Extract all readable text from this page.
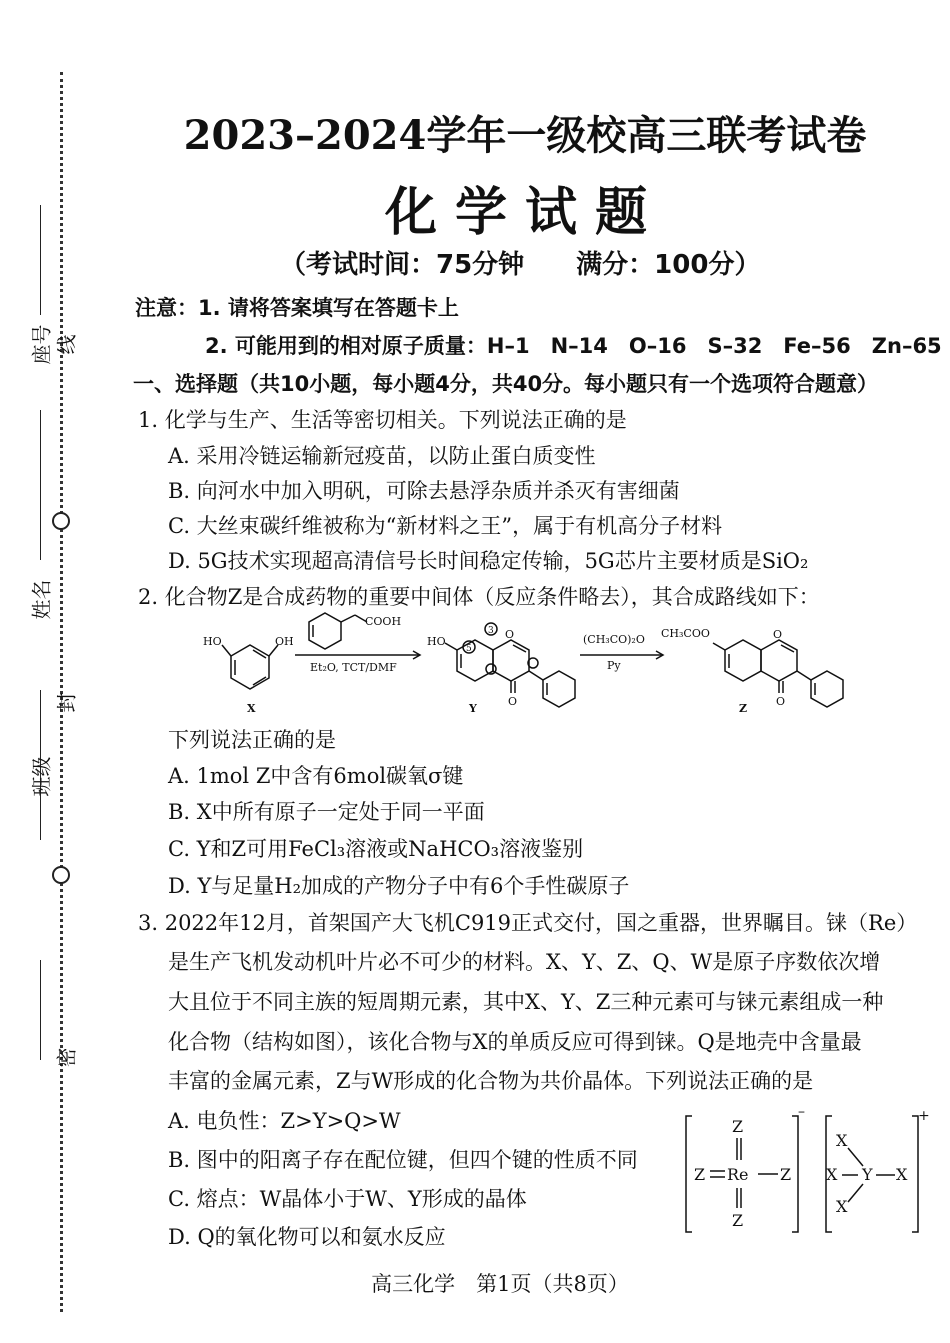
座号 线
姓名
封
班级
密
2023–2024学年一级校高三联考试卷
化学试题
（考试时间：75分钟　　满分：100分）
注意：1. 请将答案填写在答题卡上
2. 可能用到的相对原子质量：H–1　N–14　O–16　S–32　Fe–56　Zn–65
一、选择题（共10小题，每小题4分，共40分。每小题只有一个选项符合题意）
1. 化学与生产、生活等密切相关。下列说法正确的是
A. 采用冷链运输新冠疫苗，以防止蛋白质变性
B. 向河水中加入明矾，可除去悬浮杂质并杀灭有害细菌
C. 大丝束碳纤维被称为“新材料之王”，属于有机高分子材料
D. 5G技术实现超高清信号长时间稳定传输，5G芯片主要材质是SiO₂
2. 化合物Z是合成药物的重要中间体（反应条件略去），其合成路线如下：
HO	OH
COOH
Et₂O, TCT/DMF
HO
O
O
3
5
(CH₃CO)₂O
Py
CH₃COO	O
O
X	Y	Z
下列说法正确的是
A. 1mol Z中含有6mol碳氧σ键
B. X中所有原子一定处于同一平面
C. Y和Z可用FeCl₃溶液或NaHCO₃溶液鉴别
D. Y与足量H₂加成的产物分子中有6个手性碳原子
3. 2022年12月，首架国产大飞机C919正式交付，国之重器，世界瞩目。铼（Re）
是生产飞机发动机叶片必不可少的材料。X、Y、Z、Q、W是原子序数依次增
大且位于不同主族的短周期元素，其中X、Y、Z三种元素可与铼元素组成一种
化合物（结构如图），该化合物与X的单质反应可得到铼。Q是地壳中含量最
丰富的金属元素，Z与W形成的化合物为共价晶体。下列说法正确的是
A. 电负性：Z>Y>Q>W
B. 图中的阳离子存在配位键，但四个键的性质不同
C. 熔点：W晶体小于W、Y形成的晶体
D. Q的氧化物可以和氨水反应
Z
Z
Z	Z
Re
–
X
X
X
Y X
+
高三化学　第1页（共8页）
